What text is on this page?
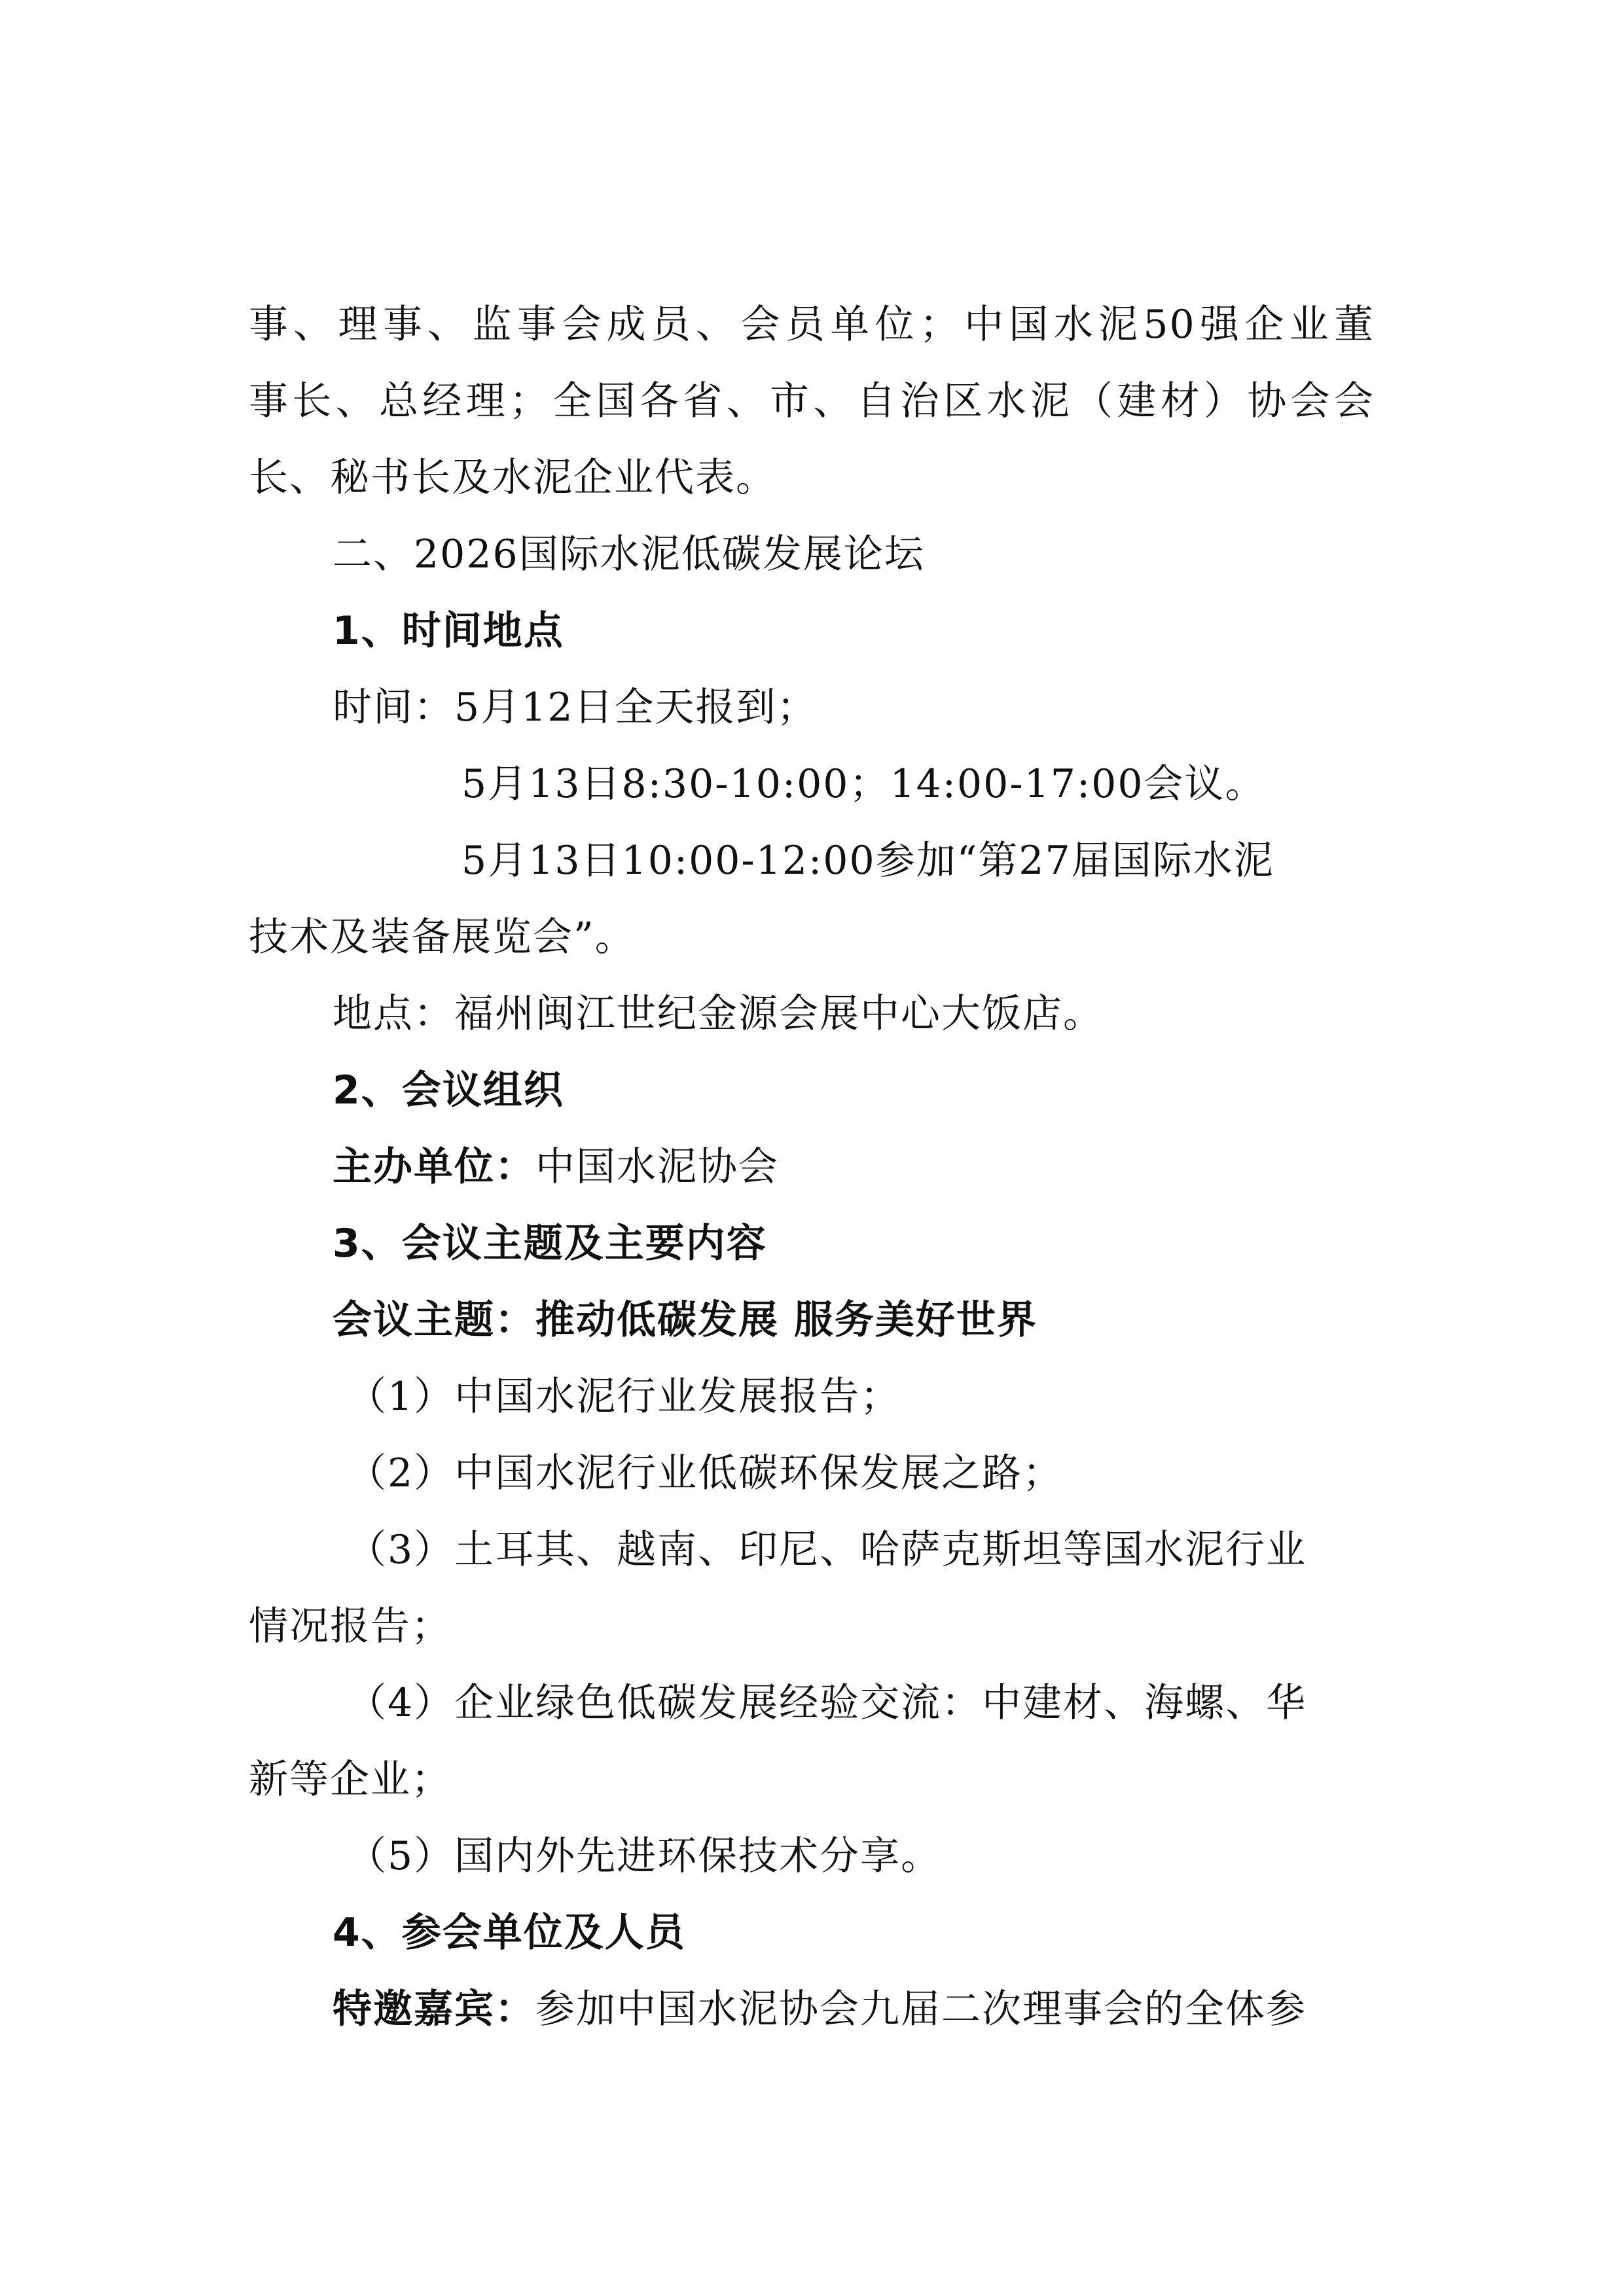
事、理事、监事会成员、会员单位；中国水泥50强企业董
事长、总经理；全国各省、市、自治区水泥（建材）协会会
长、秘书长及水泥企业代表。
二、2026国际水泥低碳发展论坛
1、时间地点
时间：5月12日全天报到；
5月13日8:30-10:00；14:00-17:00会议。
5月13日10:00-12:00参加“第27届国际水泥
技术及装备展览会”。
地点：福州闽江世纪金源会展中心大饭店。
2、会议组织
主办单位：中国水泥协会
3、会议主题及主要内容
会议主题：推动低碳发展 服务美好世界
（1）中国水泥行业发展报告；
（2）中国水泥行业低碳环保发展之路；
（3）土耳其、越南、印尼、哈萨克斯坦等国水泥行业
情况报告；
（4）企业绿色低碳发展经验交流：中建材、海螺、华
新等企业；
（5）国内外先进环保技术分享。
4、参会单位及人员
特邀嘉宾：参加中国水泥协会九届二次理事会的全体参
